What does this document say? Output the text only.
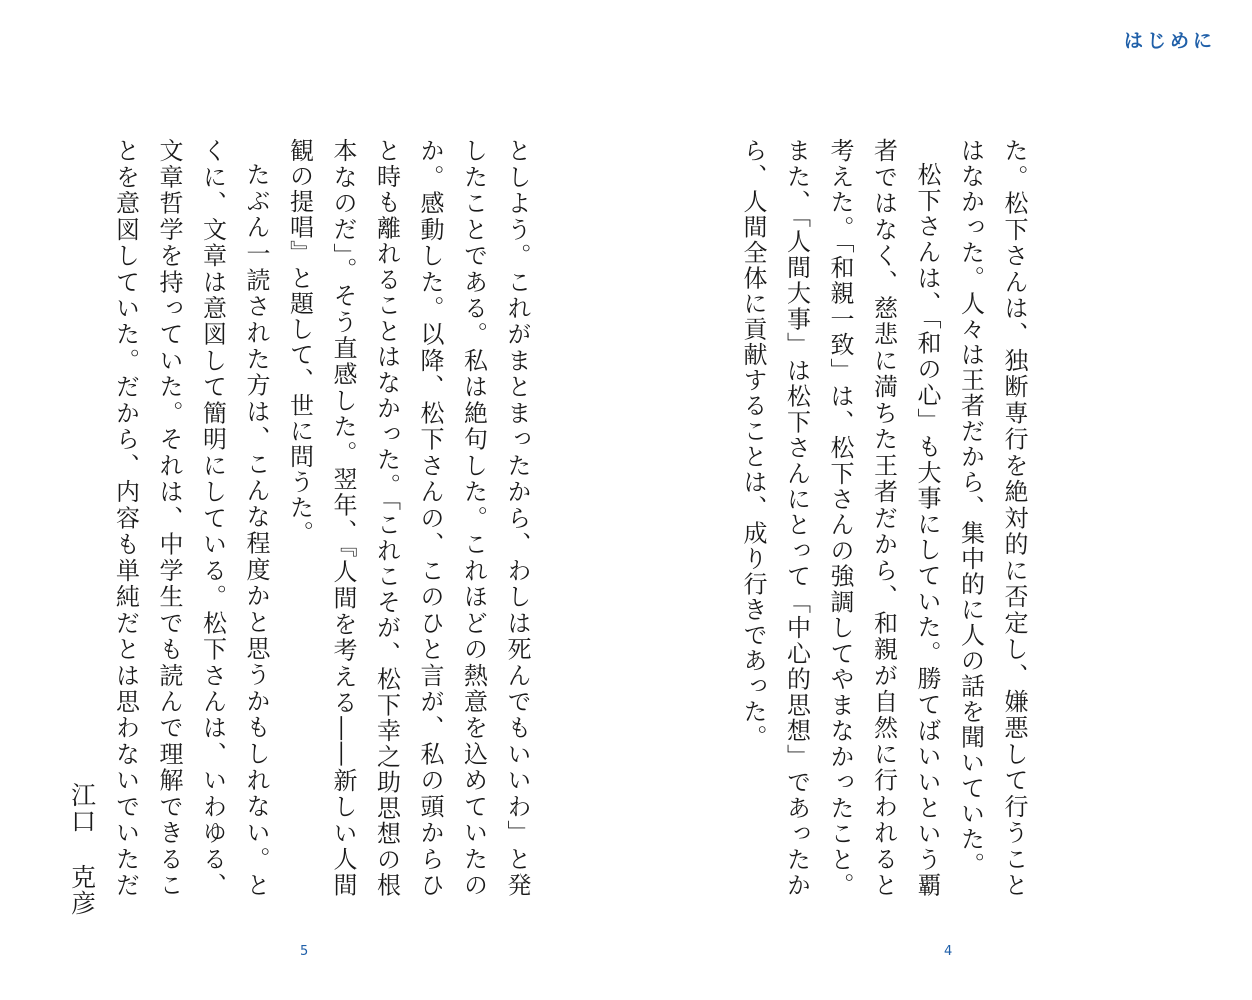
はじめに

た。松下さんは、独断専行を絶対的に否定し、嫌悪して行うことはなかった。人々は王者だから、集中的に人の話を聞いていた。

松下さんは、「和の心」も大事にしていた。勝てばいいという覇者ではなく、慈悲に満ちた王者だから、和親が自然に行われると考えた。「和親一致」は、松下さんの強調してやまなかったこと。また、「人間大事」は松下さんにとって「中心的思想」であったから、人間全体に貢献することは、成り行きであった。

としよう。これがまとまったから、わしは死んでもいいわ」と発したことである。私は絶句した。これほどの熱意を込めていたのか。感動した。以降、松下さんの、このひと言が、私の頭からひと時も離れることはなかった。「これこそが、松下幸之助思想の根本なのだ」。そう直感した。翌年、『人間を考える――新しい人間観の提唱』と題して、世に問うた。

たぶん一読された方は、こんな程度かと思うかもしれない。とくに、文章は意図して簡明にしている。松下さんは、いわゆる、文章哲学を持っていた。それは、中学生でも読んで理解できることを意図していた。だから、内容も単純だとは思わないでいただ　

江口克彦
5	4
